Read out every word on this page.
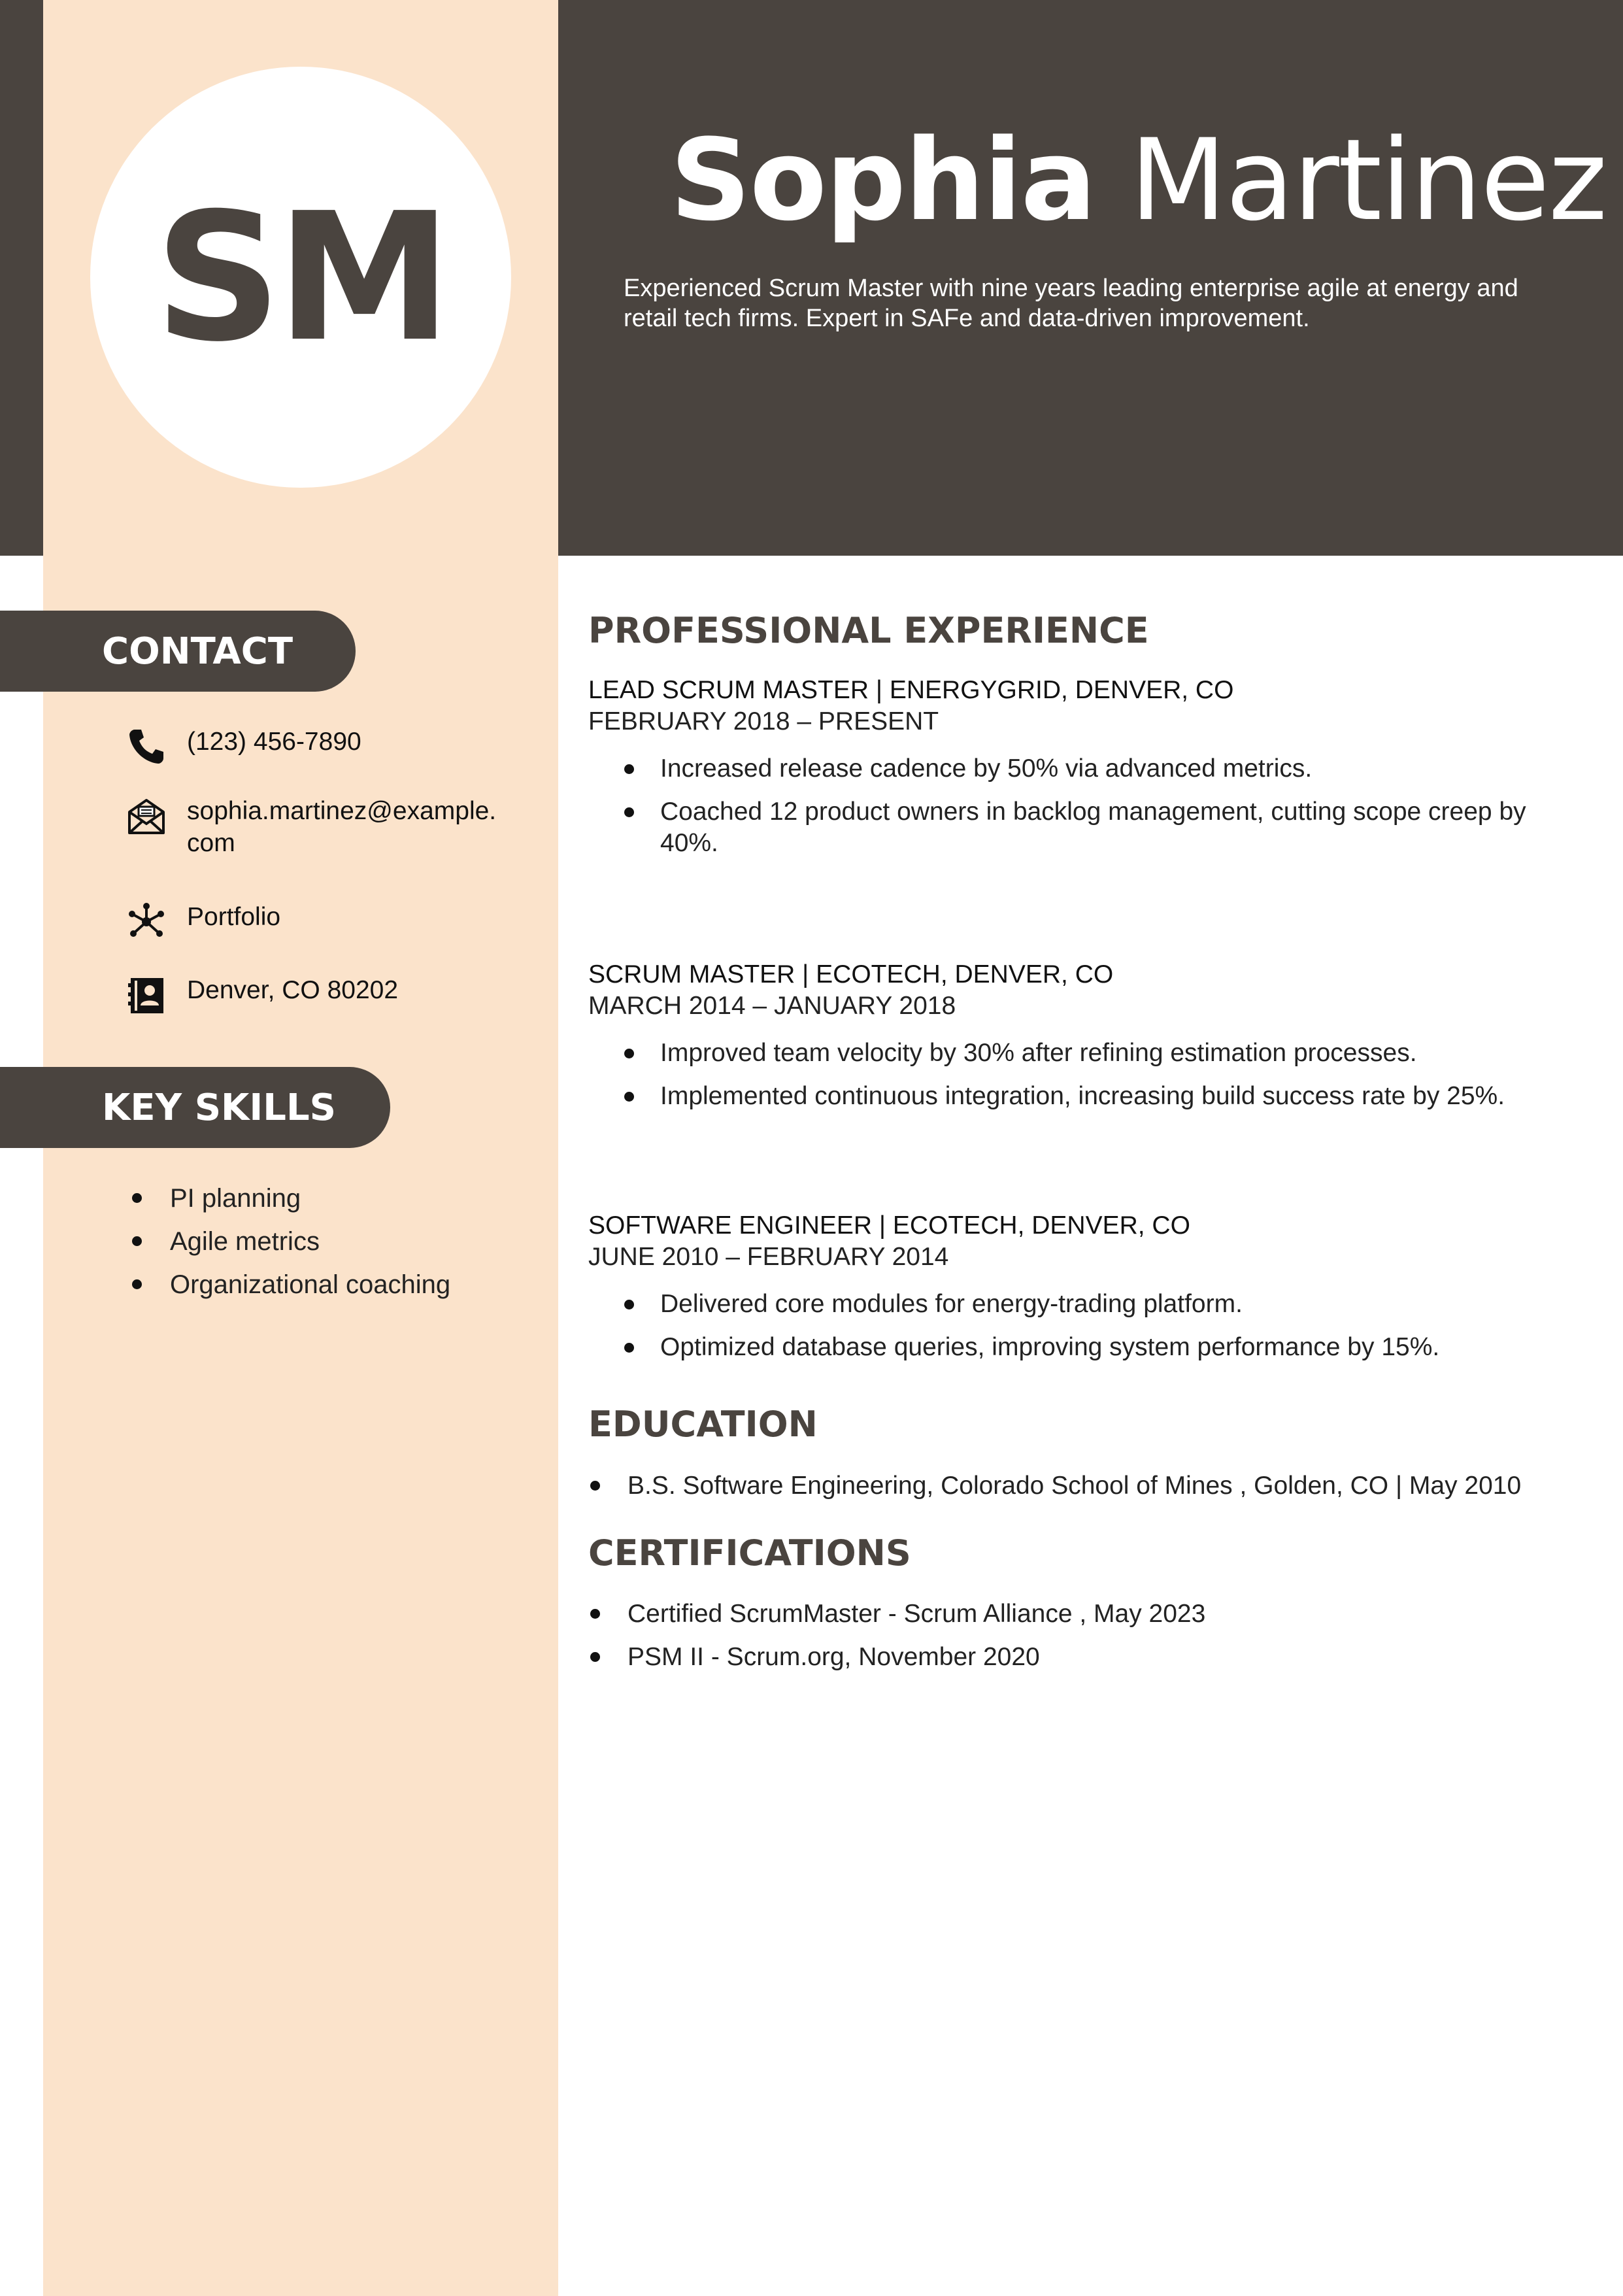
SM Sophia Martinez
Experienced Scrum Master with nine years leading enterprise agile at energy and retail tech firms. Expert in SAFe and data-driven improvement.
CONTACT
(123) 456-7890
sophia.martinez@example.com
Portfolio
Denver, CO 80202
KEY SKILLS
PI planning
Agile metrics
Organizational coaching
PROFESSIONAL EXPERIENCE
LEAD SCRUM MASTER | ENERGYGRID, DENVER, CO
FEBRUARY 2018 – PRESENT
Increased release cadence by 50% via advanced metrics.
Coached 12 product owners in backlog management, cutting scope creep by 40%.
SCRUM MASTER | ECOTECH, DENVER, CO
MARCH 2014 – JANUARY 2018
Improved team velocity by 30% after refining estimation processes.
Implemented continuous integration, increasing build success rate by 25%.
SOFTWARE ENGINEER | ECOTECH, DENVER, CO
JUNE 2010 – FEBRUARY 2014
Delivered core modules for energy-trading platform.
Optimized database queries, improving system performance by 15%.
EDUCATION
B.S. Software Engineering, Colorado School of Mines , Golden, CO | May 2010
CERTIFICATIONS
Certified ScrumMaster - Scrum Alliance , May 2023
PSM II - Scrum.org, November 2020
